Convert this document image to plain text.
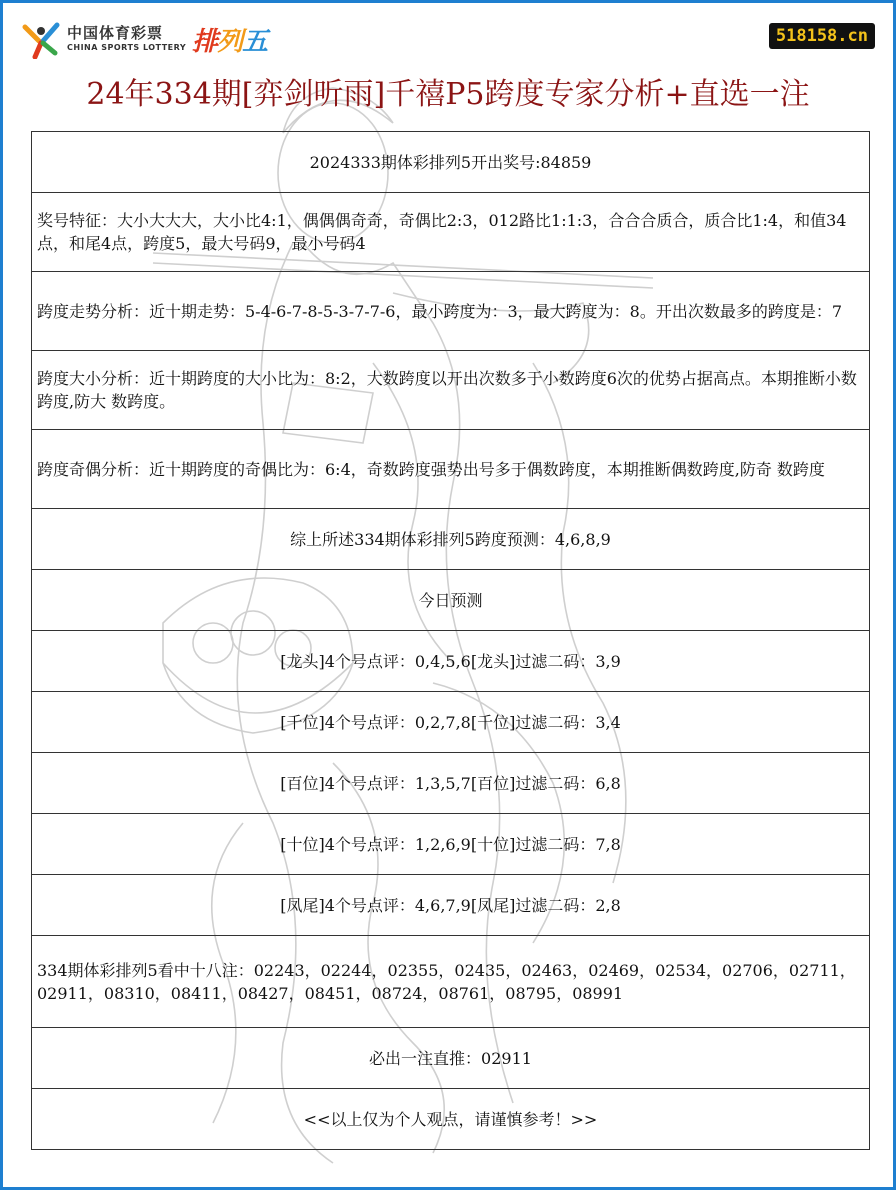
中国体育彩票
CHINA SPORTS LOTTERY 排列五	518158.cn
24年334期[弈剑听雨]千禧P5跨度专家分析+直选一注
2024333期体彩排列5开出奖号:84859
奖号特征：大小大大大，大小比4:1，偶偶偶奇奇，奇偶比2:3，012路比1:1:3，合合合质合，质合比1:4，和值34点，和尾4点，跨度5，最大号码9，最小号码4
跨度走势分析：近十期走势：5-4-6-7-8-5-3-7-7-6，最小跨度为：3，最大跨度为：8。开出次数最多的跨度是：7
跨度大小分析：近十期跨度的大小比为：8:2，大数跨度以开出次数多于小数跨度6次的优势占据高点。本期推断小数跨度,防大 数跨度。
跨度奇偶分析：近十期跨度的奇偶比为：6:4，奇数跨度强势出号多于偶数跨度，本期推断偶数跨度,防奇 数跨度
综上所述334期体彩排列5跨度预测：4,6,8,9
今日预测
[龙头]4个号点评：0,4,5,6[龙头]过滤二码：3,9
[千位]4个号点评：0,2,7,8[千位]过滤二码：3,4
[百位]4个号点评：1,3,5,7[百位]过滤二码：6,8
[十位]4个号点评：1,2,6,9[十位]过滤二码：7,8
[凤尾]4个号点评：4,6,7,9[凤尾]过滤二码：2,8
334期体彩排列5看中十八注：02243，02244，02355，02435，02463，02469，02534，02706，02711，02911，08310，08411，08427，08451，08724，08761，08795，08991
必出一注直推：02911
<<以上仅为个人观点，请谨慎参考！>>
